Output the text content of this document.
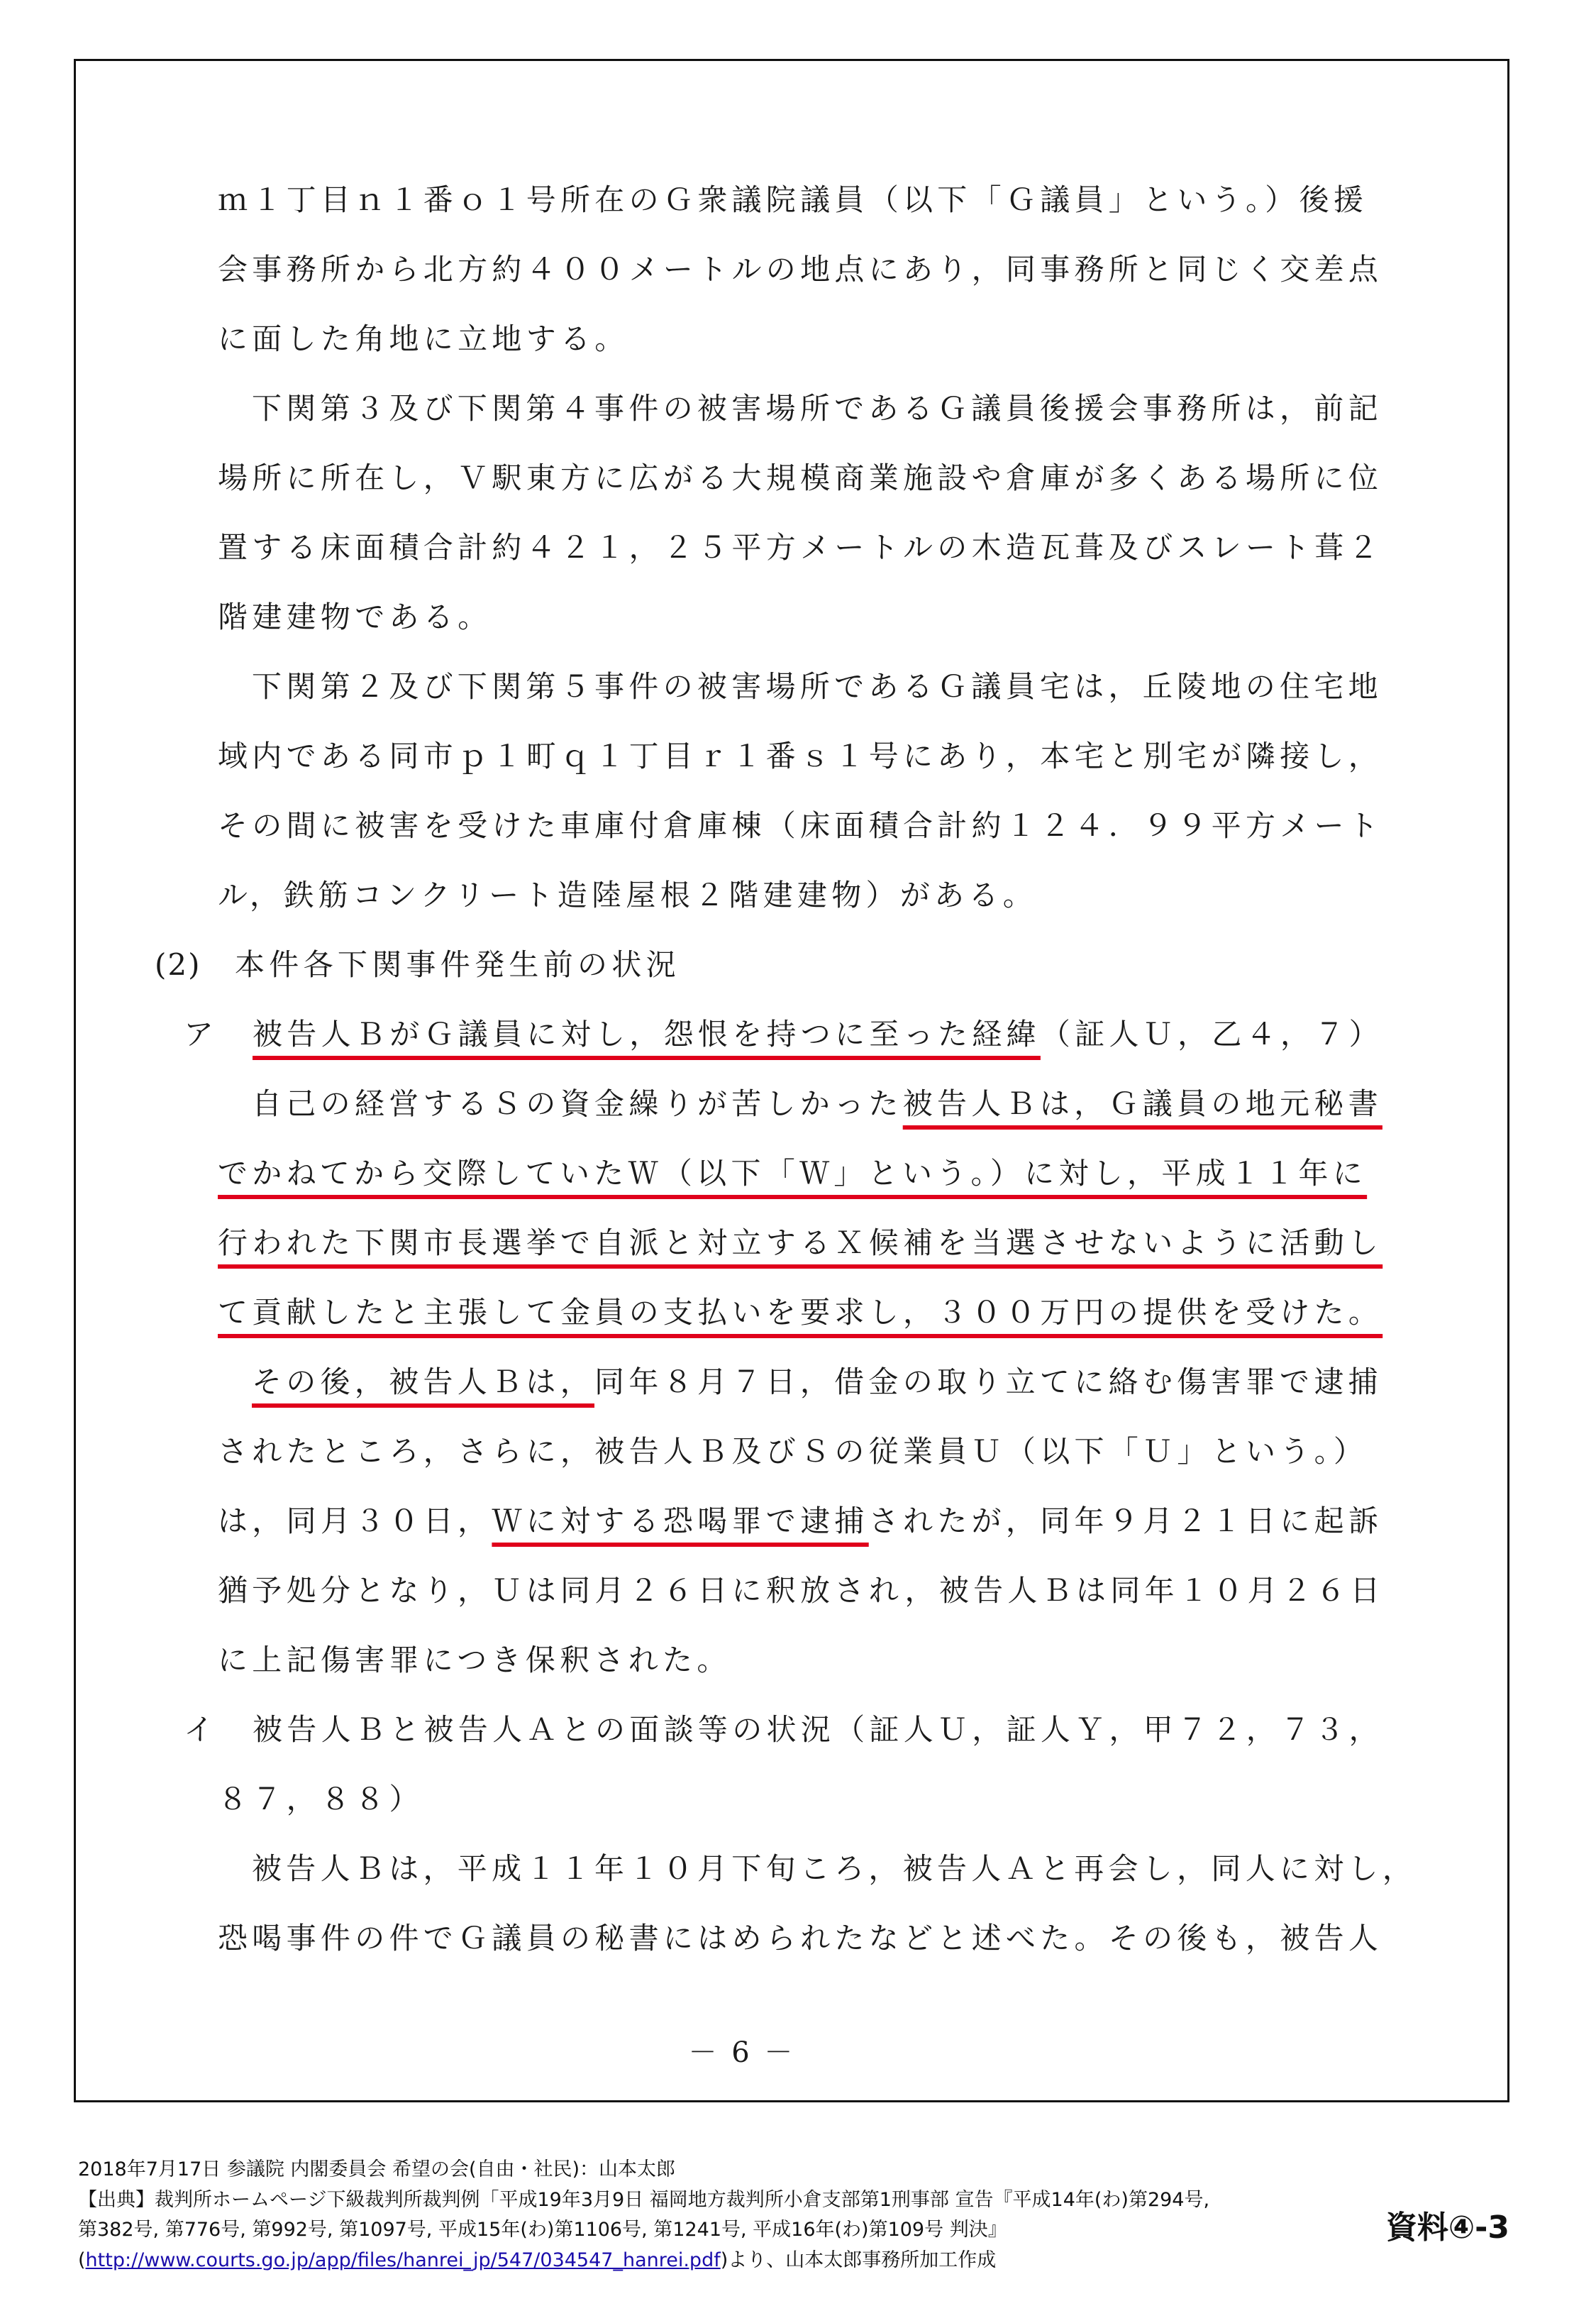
ｍ１丁目ｎ１番ｏ１号所在のＧ衆議院議員（以下「Ｇ議員」という。）後援
会事務所から北方約４００メートルの地点にあり，同事務所と同じく交差点
に面した角地に立地する。
下関第３及び下関第４事件の被害場所であるＧ議員後援会事務所は，前記
場所に所在し，Ｖ駅東方に広がる大規模商業施設や倉庫が多くある場所に位
置する床面積合計約４２１，２５平方メートルの木造瓦葺及びスレート葺２
階建建物である。
下関第２及び下関第５事件の被害場所であるＧ議員宅は，丘陵地の住宅地
域内である同市ｐ１町ｑ１丁目ｒ１番ｓ１号にあり，本宅と別宅が隣接し，
その間に被害を受けた車庫付倉庫棟（床面積合計約１２４．９９平方メート
ル，鉄筋コンクリート造陸屋根２階建建物）がある。
(2) 本件各下関事件発生前の状況
ア 被告人ＢがＧ議員に対し，怨恨を持つに至った経緯（証人Ｕ，乙４，７）
自己の経営するＳの資金繰りが苦しかった被告人Ｂは，Ｇ議員の地元秘書
でかねてから交際していたＷ（以下「Ｗ」という。）に対し，平成１１年に
行われた下関市長選挙で自派と対立するＸ候補を当選させないように活動し
て貢献したと主張して金員の支払いを要求し，３００万円の提供を受けた。
その後，被告人Ｂは，同年８月７日，借金の取り立てに絡む傷害罪で逮捕
されたところ，さらに，被告人Ｂ及びＳの従業員Ｕ（以下「Ｕ」という。）
は，同月３０日，Ｗに対する恐喝罪で逮捕されたが，同年９月２１日に起訴
猶予処分となり，Ｕは同月２６日に釈放され，被告人Ｂは同年１０月２６日
に上記傷害罪につき保釈された。
イ 被告人Ｂと被告人Ａとの面談等の状況（証人Ｕ，証人Ｙ，甲７２，７３，
８７，８８）
被告人Ｂは，平成１１年１０月下旬ころ，被告人Ａと再会し，同人に対し，
恐喝事件の件でＧ議員の秘書にはめられたなどと述べた。その後も，被告人
－ 6 －
2018年7月17日 参議院 内閣委員会 希望の会(自由・社民)：山本太郎
【出典】裁判所ホームページ下級裁判所裁判例「平成19年3月9日 福岡地方裁判所小倉支部第1刑事部 宣告『平成14年(わ)第294号,
第382号, 第776号, 第992号, 第1097号, 平成15年(わ)第1106号, 第1241号, 平成16年(わ)第109号 判決』
(http://www.courts.go.jp/app/files/hanrei_jp/547/034547_hanrei.pdf)より、山本太郎事務所加工作成
資料④-3
